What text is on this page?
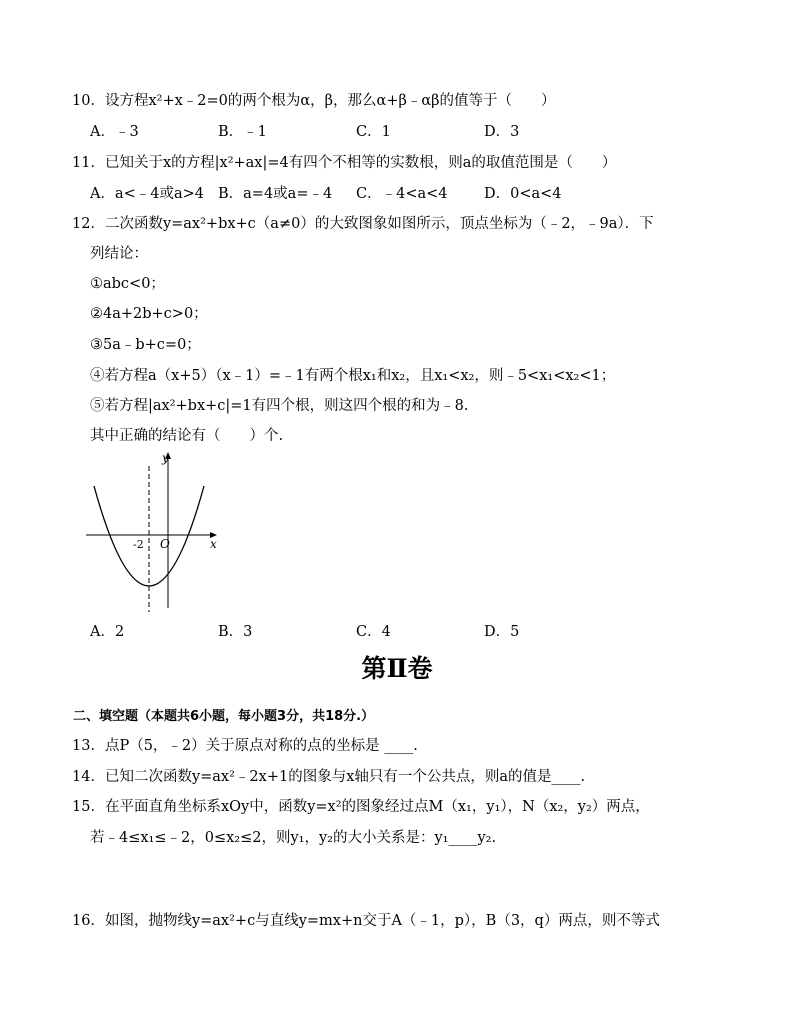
10．设方程x²+x﹣2=0的两个根为α，β，那么α+β﹣αβ的值等于（　　）
A．﹣3	B．﹣1	C．1	D．3
11．已知关于x的方程|x²+ax|=4有四个不相等的实数根，则a的取值范围是（　　）
A．a<﹣4或a>4 B．a=4或a=﹣4 C．﹣4<a<4	D．0<a<4
12．二次函数y=ax²+bx+c（a≠0）的大致图象如图所示，顶点坐标为（﹣2，﹣9a）．下
列结论：
①abc<0；
②4a+2b+c>0；
③5a﹣b+c=0；
④若方程a（x+5）（x﹣1）=﹣1有两个根x₁和x₂，且x₁<x₂，则﹣5<x₁<x₂<1；
⑤若方程|ax²+bx+c|=1有四个根，则这四个根的和为﹣8.
其中正确的结论有（　　）个.
y
x
O
-2
A．2	B．3	C．4	D．5
第Ⅱ卷
二、填空题（本题共6小题，每小题3分，共18分.）
13．点P（5，﹣2）关于原点对称的点的坐标是 ____.
14．已知二次函数y=ax²﹣2x+1的图象与x轴只有一个公共点，则a的值是____.
15．在平面直角坐标系xOy中，函数y=x²的图象经过点M（x₁，y₁），N（x₂，y₂）两点，
若﹣4≤x₁≤﹣2，0≤x₂≤2，则y₁，y₂的大小关系是：y₁____y₂.
16．如图，抛物线y=ax²+c与直线y=mx+n交于A（﹣1，p），B（3，q）两点，则不等式
